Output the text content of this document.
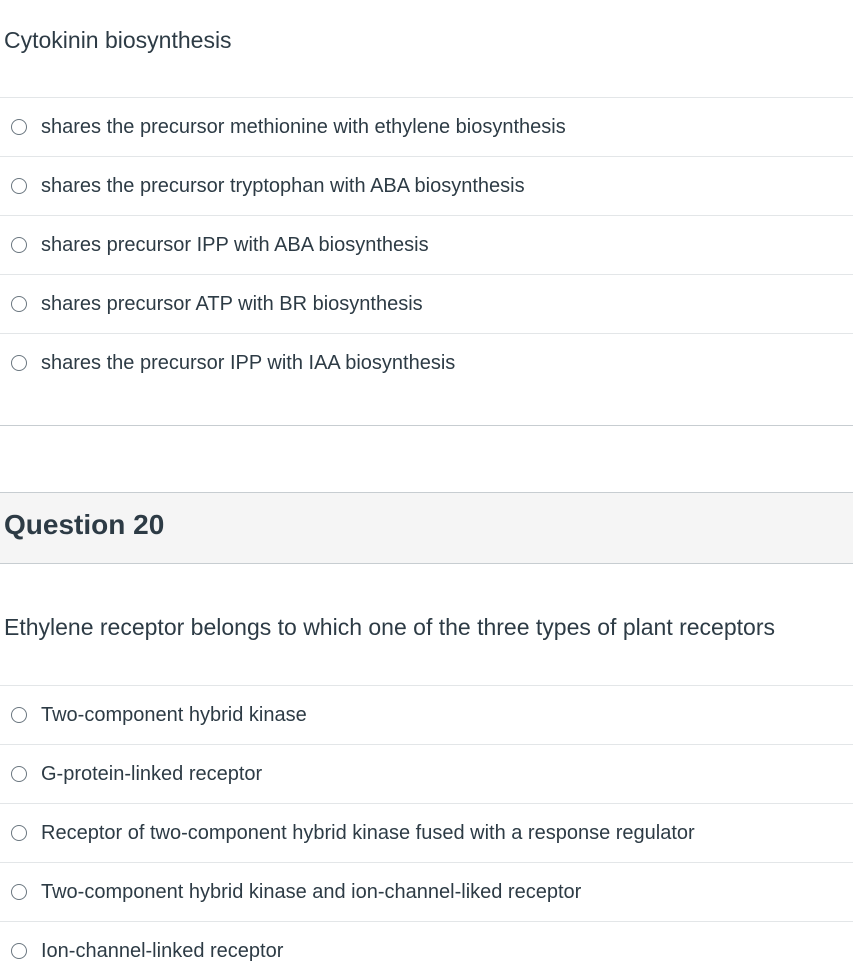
Cytokinin biosynthesis
shares the precursor methionine with ethylene biosynthesis
shares the precursor tryptophan with ABA biosynthesis
shares precursor IPP with ABA biosynthesis
shares precursor ATP with BR biosynthesis
shares the precursor IPP with IAA biosynthesis
Question 20
Ethylene receptor belongs to which one of the three types of plant receptors
Two-component hybrid kinase
G-protein-linked receptor
Receptor of two-component hybrid kinase fused with a response regulator
Two-component hybrid kinase and ion-channel-liked receptor
Ion-channel-linked receptor
